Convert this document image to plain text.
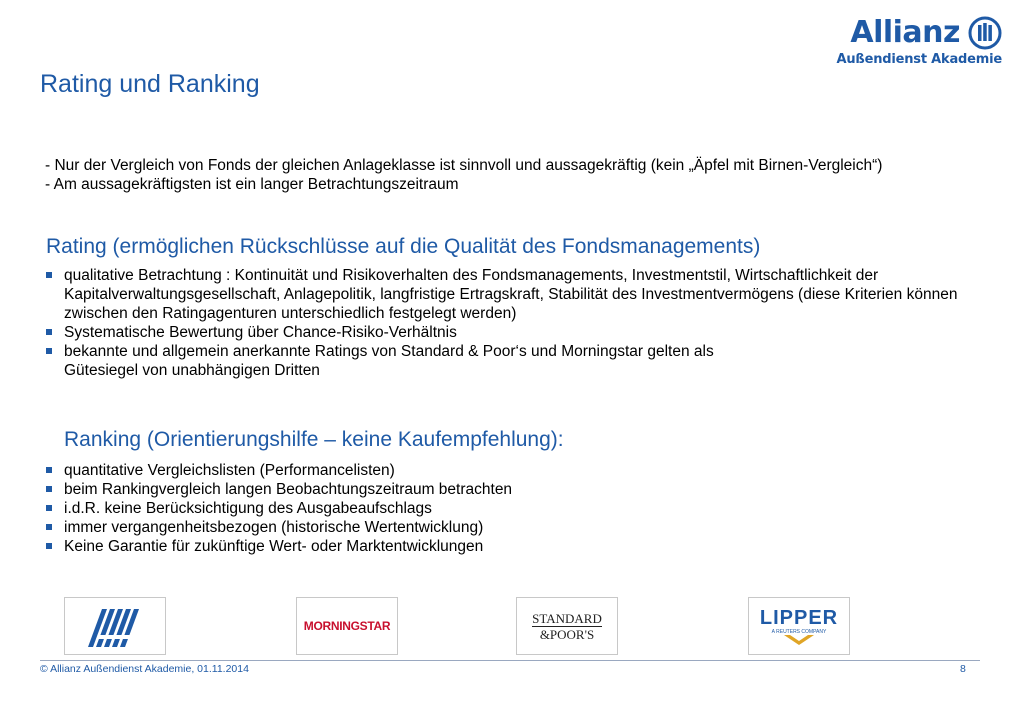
Allianz
Außendienst Akademie
Rating und Ranking

- Nur der Vergleich von Fonds der gleichen Anlageklasse ist sinnvoll und aussagekräftig (kein „Äpfel mit Birnen-Vergleich“)

- Am aussagekräftigsten ist ein langer Betrachtungszeitraum

Rating (ermöglichen Rückschlüsse auf die Qualität des Fondsmanagements)
qualitative Betrachtung : Kontinuität und Risikoverhalten des Fondsmanagements, Investmentstil, Wirtschaftlichkeit der Kapitalverwaltungsgesellschaft, Anlagepolitik, langfristige Ertragskraft, Stabilität des Investmentvermögens (diese Kriterien können zwischen den Ratingagenturen unterschiedlich festgelegt werden)
Systematische Bewertung über Chance-Risiko-Verhältnis
bekannte und allgemein anerkannte Ratings von Standard & Poor‘s und Morningstar gelten als Gütesiegel von unabhängigen Dritten
Ranking (Orientierungshilfe – keine Kaufempfehlung):
quantitative Vergleichslisten (Performancelisten)
beim Rankingvergleich langen Beobachtungszeitraum betrachten
i.d.R. keine Berücksichtigung des Ausgabeaufschlags
immer vergangenheitsbezogen (historische Wertentwicklung)
Keine Garantie für zukünftige Wert- oder Marktentwicklungen
MORNINGSTAR
STANDARD
&POOR'S
LIPPER
A REUTERS COMPANY
© Allianz Außendienst Akademie, 01.11.2014	8
